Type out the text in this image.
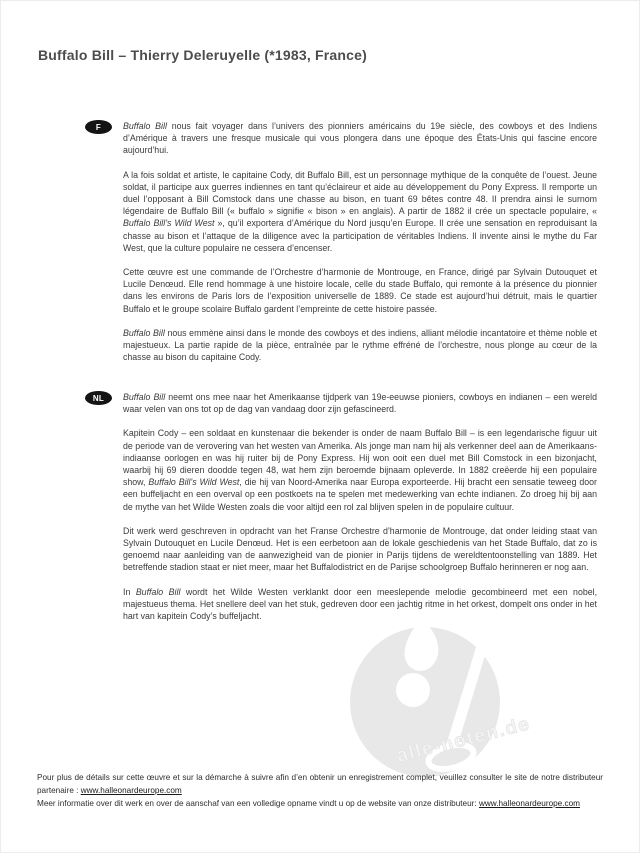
alle-noten.de
Buffalo Bill – Thierry Deleruyelle (*1983, France)
F	Buffalo Bill nous fait voyager dans l’univers des pionniers américains du 19e siècle, des cowboys et des Indiens d’Amérique à travers une fresque musicale qui vous plongera dans une époque des États-Unis qui fascine encore aujourd’hui.

A la fois soldat et artiste, le capitaine Cody, dit Buffalo Bill, est un personnage mythique de la conquête de l’ouest. Jeune soldat, il participe aux guerres indiennes en tant qu’éclaireur et aide au développement du Pony Express. Il remporte un duel l’opposant à Bill Comstock dans une chasse au bison, en tuant 69 bêtes contre 48. Il prendra ainsi le surnom légendaire de Buffalo Bill (« buffalo » signifie « bison » en anglais). A partir de 1882 il crée un spectacle populaire, « Buffalo Bill’s Wild West », qu’il exportera d’Amérique du Nord jusqu’en Europe. Il crée une sensation en reproduisant la chasse au bison et l’attaque de la diligence avec la participation de véritables Indiens. Il invente ainsi le mythe du Far West, que la culture populaire ne cessera d’encenser.

Cette œuvre est une commande de l’Orchestre d’harmonie de Montrouge, en France, dirigé par Sylvain Dutouquet et Lucile Denœud. Elle rend hommage à une histoire locale, celle du stade Buffalo, qui remonte à la présence du pionnier dans les environs de Paris lors de l’exposition universelle de 1889. Ce stade est aujourd’hui détruit, mais le quartier Buffalo et le groupe scolaire Buffalo gardent l’empreinte de cette histoire passée.

Buffalo Bill nous emmène ainsi dans le monde des cowboys et des indiens, alliant mélodie incantatoire et thème noble et majestueux. La partie rapide de la pièce, entraînée par le rythme effréné de l’orchestre, nous plonge au cœur de la chasse au bison du capitaine Cody.

NL	Buffalo Bill neemt ons mee naar het Amerikaanse tijdperk van 19e-eeuwse pioniers, cowboys en indianen – een wereld waar velen van ons tot op de dag van vandaag door zijn gefascineerd.

Kapitein Cody – een soldaat en kunstenaar die bekender is onder de naam Buffalo Bill – is een legendarische figuur uit de periode van de verovering van het westen van Amerika. Als jonge man nam hij als verkenner deel aan de Amerikaans-indiaanse oorlogen en was hij ruiter bij de Pony Express. Hij won ooit een duel met Bill Comstock in een bizonjacht, waarbij hij 69 dieren doodde tegen 48, wat hem zijn beroemde bijnaam opleverde. In 1882 creëerde hij een populaire show, Buffalo Bill’s Wild West, die hij van Noord-Amerika naar Europa exporteerde. Hij bracht een sensatie teweeg door een buffeljacht en een overval op een postkoets na te spelen met medewerking van echte indianen. Zo droeg hij bij aan de mythe van het Wilde Westen zoals die voor altijd een rol zal blijven spelen in de populaire cultuur.

Dit werk werd geschreven in opdracht van het Franse Orchestre d’harmonie de Montrouge, dat onder leiding staat van Sylvain Dutouquet en Lucile Denœud. Het is een eerbetoon aan de lokale geschiedenis van het Stade Buffalo, dat zo is genoemd naar aanleiding van de aanwezigheid van de pionier in Parijs tijdens de wereldtentoonstelling van 1889. Het betreffende stadion staat er niet meer, maar het Buffalodistrict en de Parijse schoolgroep Buffalo herinneren er nog aan.

In Buffalo Bill wordt het Wilde Westen verklankt door een meeslepende melodie gecombineerd met een nobel, majestueus thema. Het snellere deel van het stuk, gedreven door een jachtig ritme in het orkest, dompelt ons onder in het hart van kapitein Cody’s buffeljacht.

Pour plus de détails sur cette œuvre et sur la démarche à suivre afin d’en obtenir un enregistrement complet, veuillez consulter le site de notre distributeur partenaire : www.halleonardeurope.com

Meer informatie over dit werk en over de aanschaf van een volledige opname vindt u op de website van onze distributeur: www.halleonardeurope.com
